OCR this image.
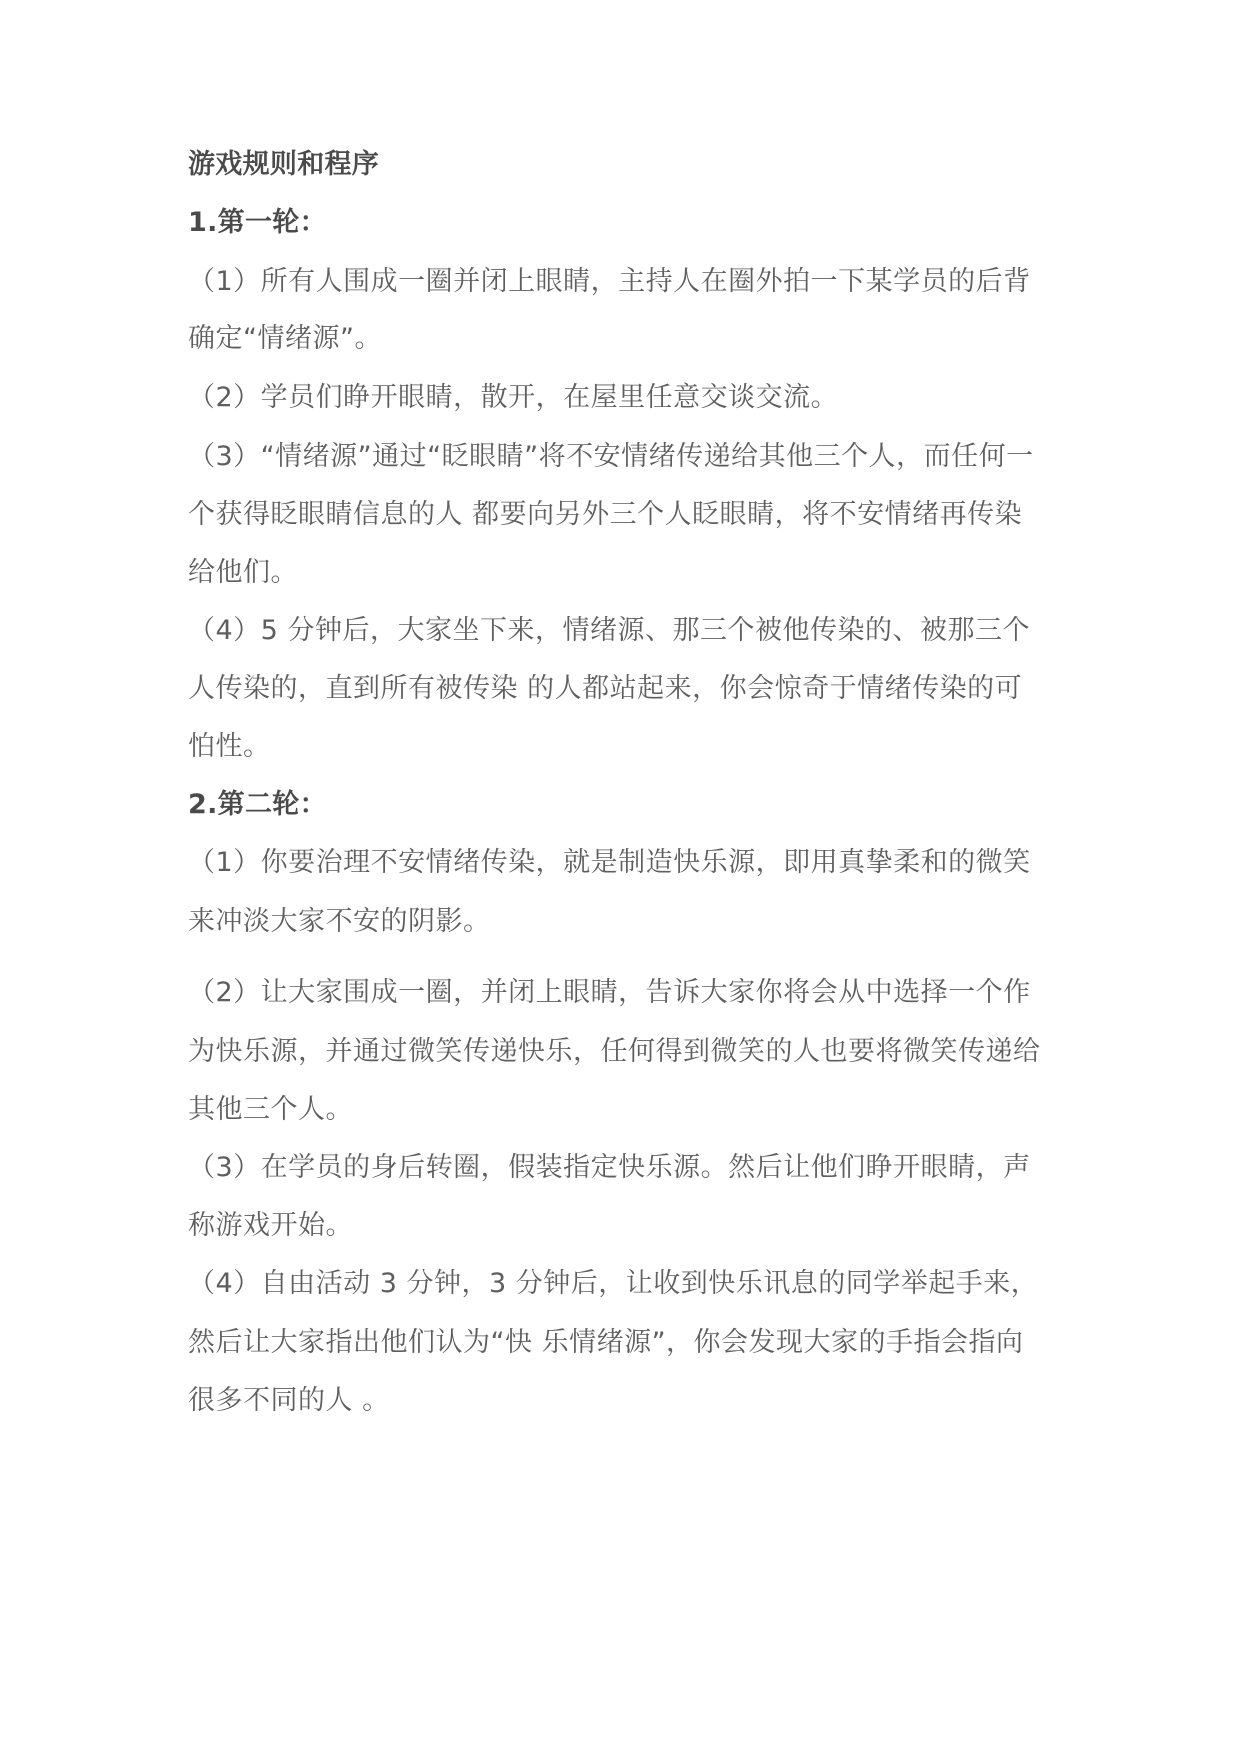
游戏规则和程序
1.第一轮：
（1）所有人围成一圈并闭上眼睛，主持人在圈外拍一下某学员的后背
确定“情绪源”。
（2）学员们睁开眼睛，散开，在屋里任意交谈交流。
（3）“情绪源”通过“眨眼睛”将不安情绪传递给其他三个人，而任何一
个获得眨眼睛信息的人 都要向另外三个人眨眼睛，将不安情绪再传染
给他们。
（4）5 分钟后，大家坐下来，情绪源、那三个被他传染的、被那三个
人传染的，直到所有被传染 的人都站起来，你会惊奇于情绪传染的可
怕性。
2.第二轮：
（1）你要治理不安情绪传染，就是制造快乐源，即用真挚柔和的微笑
来冲淡大家不安的阴影。
（2）让大家围成一圈，并闭上眼睛，告诉大家你将会从中选择一个作
为快乐源，并通过微笑传递快乐，任何得到微笑的人也要将微笑传递给
其他三个人。
（3）在学员的身后转圈，假装指定快乐源。然后让他们睁开眼睛，声
称游戏开始。
（4）自由活动 3 分钟，3 分钟后，让收到快乐讯息的同学举起手来，
然后让大家指出他们认为“快 乐情绪源”，你会发现大家的手指会指向
很多不同的人 。
